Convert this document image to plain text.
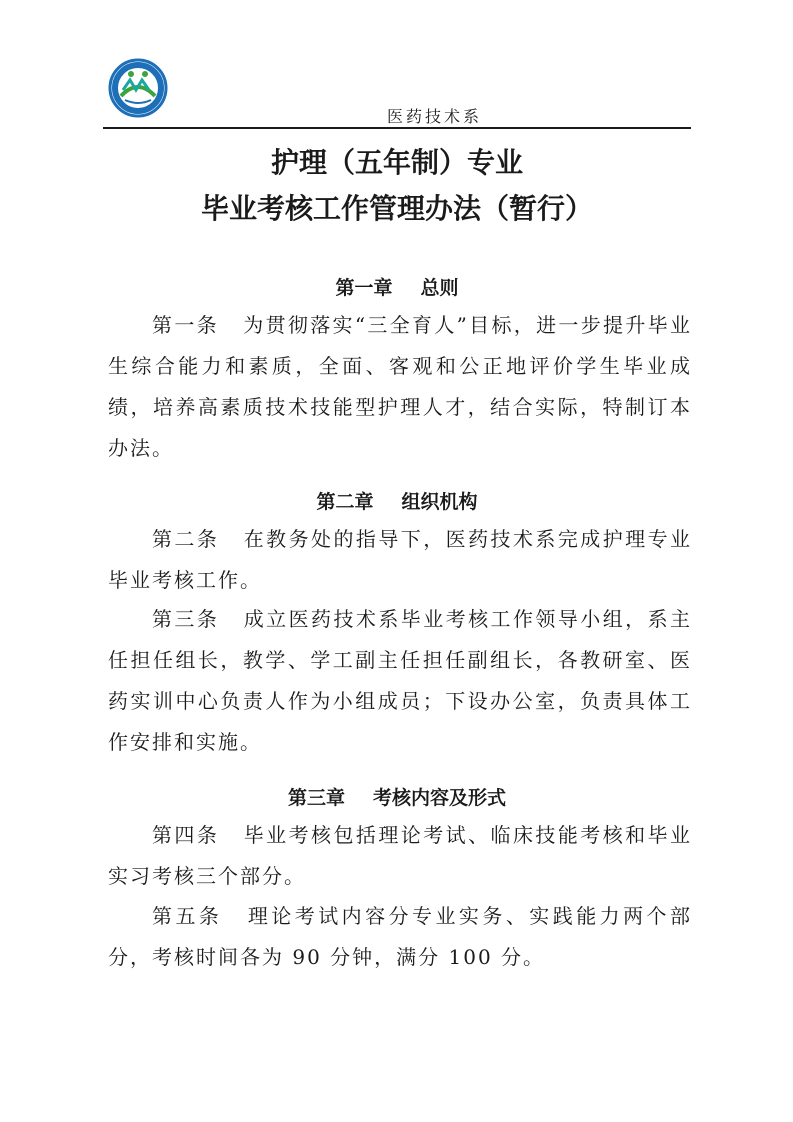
医药技术系
护理（五年制）专业
毕业考核工作管理办法（暂行）
第一章 总则

第一条 为贯彻落实“三全育人”目标，进一步提升毕业生综合能力和素质，全面、客观和公正地评价学生毕业成绩，培养高素质技术技能型护理人才，结合实际，特制订本办法。

第二章 组织机构

第二条 在教务处的指导下，医药技术系完成护理专业毕业考核工作。

第三条 成立医药技术系毕业考核工作领导小组，系主任担任组长，教学、学工副主任担任副组长，各教研室、医药实训中心负责人作为小组成员；下设办公室，负责具体工作安排和实施。

第三章 考核内容及形式

第四条 毕业考核包括理论考试、临床技能考核和毕业实习考核三个部分。

第五条 理论考试内容分专业实务、实践能力两个部分，考核时间各为 90 分钟，满分 100 分。
